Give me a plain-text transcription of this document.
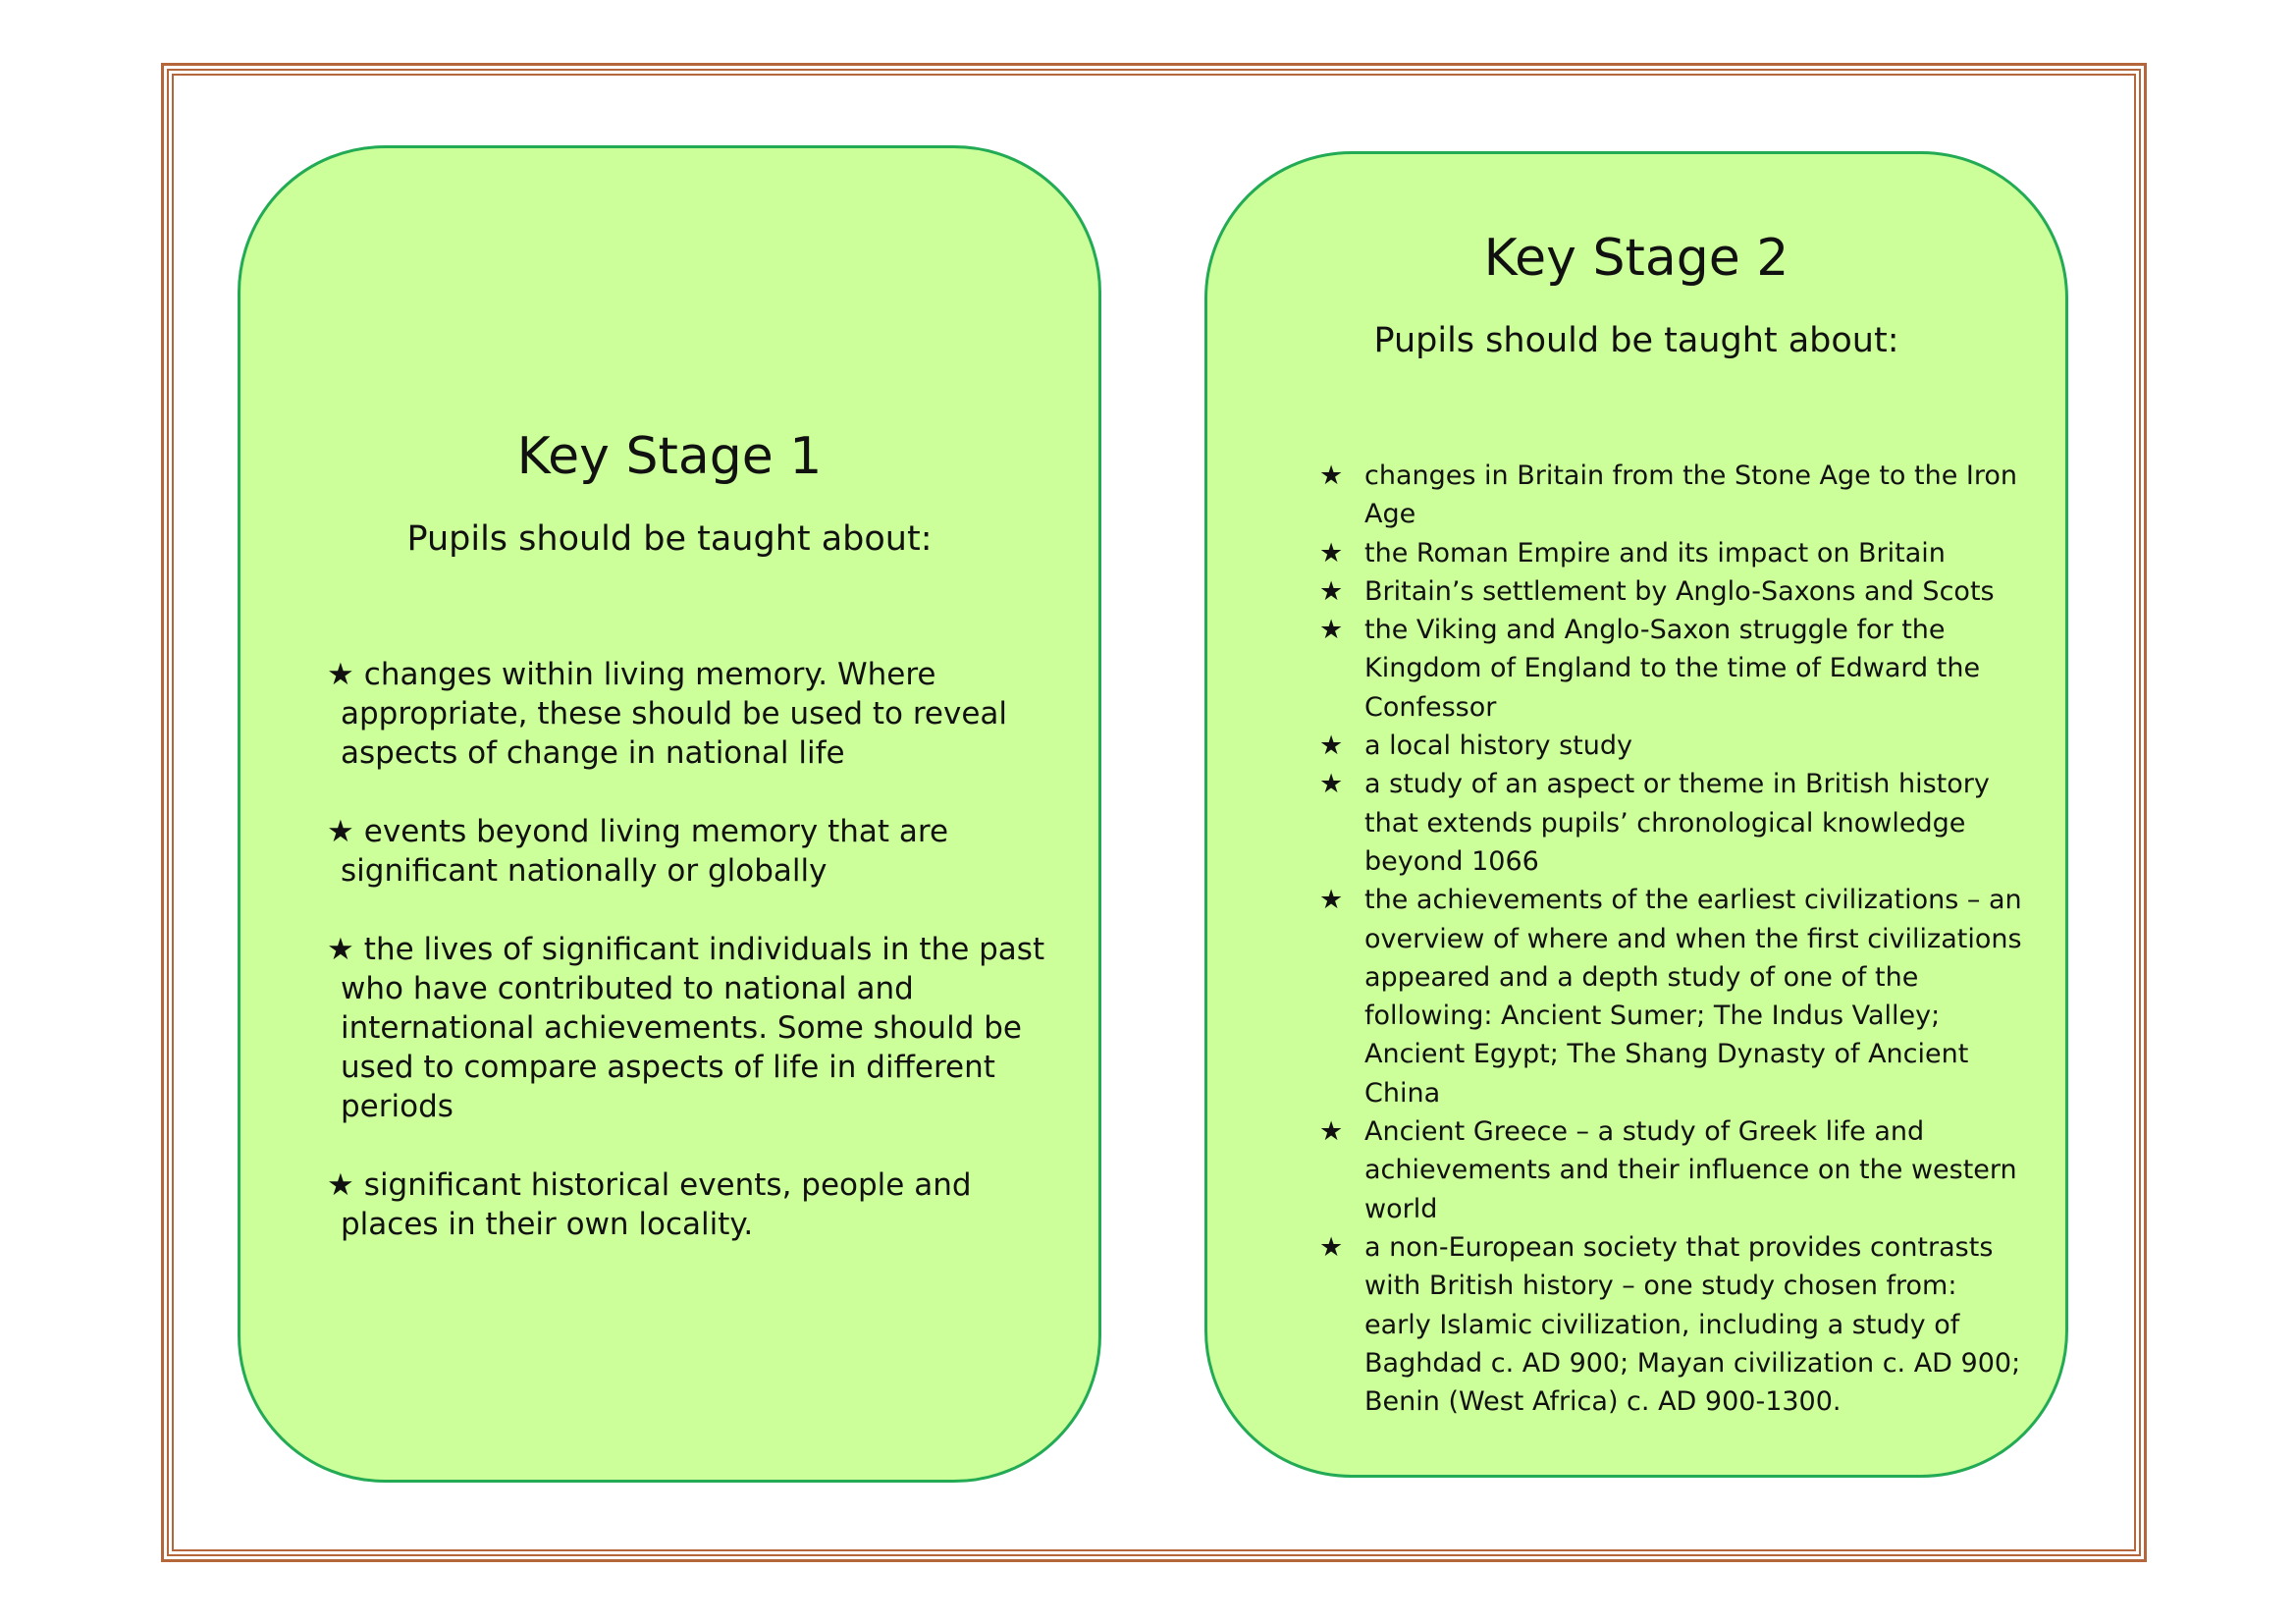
Key Stage 1

Pupils should be taught about:

★ changes within living memory. Where appropriate, these should be used to reveal aspects of change in national life
★ events beyond living memory that are significant nationally or globally
★ the lives of significant individuals in the past who have contributed to national and international achievements. Some should be used to compare aspects of life in different periods
★ significant historical events, people and places in their own locality.
Key Stage 2

Pupils should be taught about:

★ changes in Britain from the Stone Age to the Iron Age
★ the Roman Empire and its impact on Britain
★ Britain’s settlement by Anglo-Saxons and Scots
★ the Viking and Anglo-Saxon struggle for the Kingdom of England to the time of Edward the Confessor
★ a local history study
★ a study of an aspect or theme in British history that extends pupils’ chronological knowledge beyond 1066
★ the achievements of the earliest civilizations – an overview of where and when the first civilizations appeared and a depth study of one of the following: Ancient Sumer; The Indus Valley; Ancient Egypt; The Shang Dynasty of Ancient China
★ Ancient Greece – a study of Greek life and achievements and their influence on the western world
★ a non-European society that provides contrasts with British history – one study chosen from: early Islamic civilization, including a study of Baghdad c. AD 900; Mayan civilization c. AD 900; Benin (West Africa) c. AD 900-1300.
